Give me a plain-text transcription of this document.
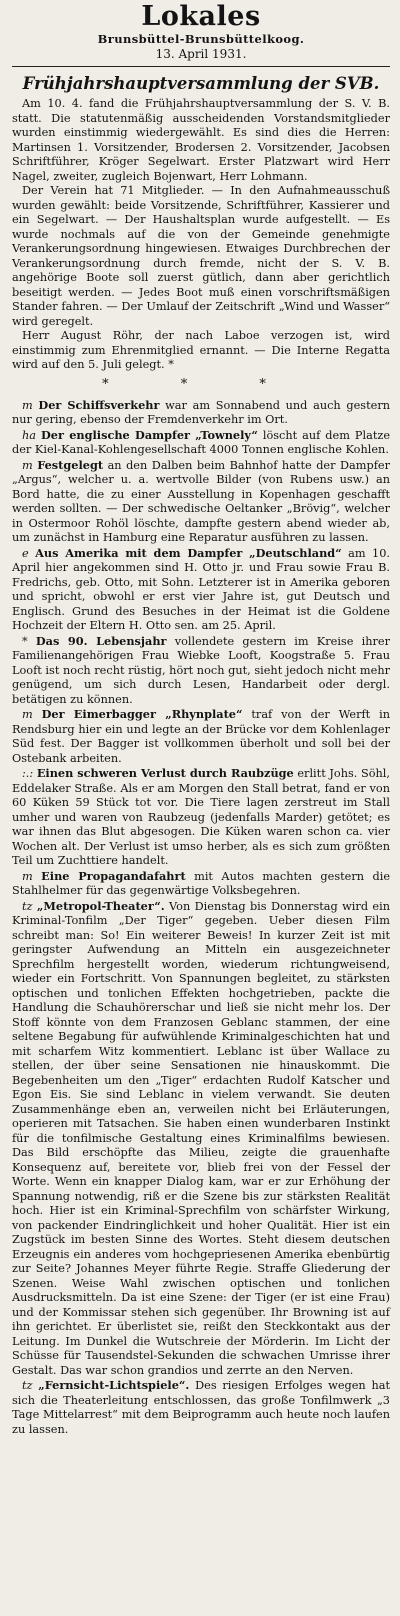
Lokales
Brunsbüttel-Brunsbüttelkoog.
13. April 1931.
Frühjahrshauptversammlung der SVB.

Am 10. 4. fand die Frühjahrshauptversammlung der S. V. B. statt. Die statutenmäßig ausscheidenden Vorstandsmitglieder wurden einstimmig wiedergewählt. Es sind dies die Herren: Martinsen 1. Vorsitzender, Brodersen 2. Vorsitzender, Jacobsen Schriftführer, Kröger Segelwart. Erster Platzwart wird Herr Nagel, zweiter, zugleich Bojenwart, Herr Lohmann.

Der Verein hat 71 Mitglieder. — In den Aufnahmeausschuß wurden gewählt: beide Vorsitzende, Schriftführer, Kassierer und ein Segelwart. — Der Haushaltsplan wurde aufgestellt. — Es wurde nochmals auf die von der Gemeinde genehmigte Verankerungsordnung hingewiesen. Etwaiges Durchbrechen der Verankerungsordnung durch fremde, nicht der S. V. B. angehörige Boote soll zuerst gütlich, dann aber gerichtlich beseitigt werden. — Jedes Boot muß einen vorschriftsmäßigen Stander fahren. — Der Umlauf der Zeitschrift „Wind und Wasser“ wird geregelt.

Herr August Röhr, der nach Laboe verzogen ist, wird einstimmig zum Ehrenmitglied ernannt. — Die Interne Regatta wird auf den 5. Juli gelegt. *

* * *

m Der Schiffsverkehr war am Sonnabend und auch gestern nur gering, ebenso der Fremdenverkehr im Ort.

ha Der englische Dampfer „Townely“ löscht auf dem Platze der Kiel-Kanal-Kohlengesellschaft 4000 Tonnen englische Kohlen.

m Festgelegt an den Dalben beim Bahnhof hatte der Dampfer „Argus“, welcher u. a. wertvolle Bilder (von Rubens usw.) an Bord hatte, die zu einer Ausstellung in Kopenhagen geschafft werden sollten. — Der schwedische Oeltanker „Brövig“, welcher in Ostermoor Rohöl löschte, dampfte gestern abend wieder ab, um zunächst in Hamburg eine Reparatur ausführen zu lassen.

e Aus Amerika mit dem Dampfer „Deutschland“ am 10. April hier angekommen sind H. Otto jr. und Frau sowie Frau B. Fredrichs, geb. Otto, mit Sohn. Letzterer ist in Amerika geboren und spricht, obwohl er erst vier Jahre ist, gut Deutsch und Englisch. Grund des Besuches in der Heimat ist die Goldene Hochzeit der Eltern H. Otto sen. am 25. April.

* Das 90. Lebensjahr vollendete gestern im Kreise ihrer Familienangehörigen Frau Wiebke Looft, Koogstraße 5. Frau Looft ist noch recht rüstig, hört noch gut, sieht jedoch nicht mehr genügend, um sich durch Lesen, Handarbeit oder dergl. betätigen zu können.

m Der Eimerbagger „Rhynplate“ traf von der Werft in Rendsburg hier ein und legte an der Brücke vor dem Kohlenlager Süd fest. Der Bagger ist vollkommen überholt und soll bei der Ostebank arbeiten.

:.: Einen schweren Verlust durch Raubzüge erlitt Johs. Söhl, Eddelaker Straße. Als er am Morgen den Stall betrat, fand er von 60 Küken 59 Stück tot vor. Die Tiere lagen zerstreut im Stall umher und waren von Raubzeug (jedenfalls Marder) getötet; es war ihnen das Blut abgesogen. Die Küken waren schon ca. vier Wochen alt. Der Verlust ist umso herber, als es sich zum größten Teil um Zuchttiere handelt.

m Eine Propagandafahrt mit Autos machten gestern die Stahlhelmer für das gegenwärtige Volksbegehren.

tz „Metropol-Theater“. Von Dienstag bis Donnerstag wird ein Kriminal-Tonfilm „Der Tiger“ gegeben. Ueber diesen Film schreibt man: So! Ein weiterer Beweis! In kurzer Zeit ist mit geringster Aufwendung an Mitteln ein ausgezeichneter Sprechfilm hergestellt worden, wiederum richtungweisend, wieder ein Fortschritt. Von Spannungen begleitet, zu stärksten optischen und tonlichen Effekten hochgetrieben, packte die Handlung die Schauhörerschar und ließ sie nicht mehr los. Der Stoff könnte von dem Franzosen Geblanc stammen, der eine seltene Begabung für aufwühlende Kriminalgeschichten hat und mit scharfem Witz kommentiert. Leblanc ist über Wallace zu stellen, der über seine Sensationen nie hinauskommt. Die Begebenheiten um den „Tiger“ erdachten Rudolf Katscher und Egon Eis. Sie sind Leblanc in vielem verwandt. Sie deuten Zusammenhänge eben an, verweilen nicht bei Erläuterungen, operieren mit Tatsachen. Sie haben einen wunderbaren Instinkt für die tonfilmische Gestaltung eines Kriminalfilms bewiesen. Das Bild erschöpfte das Milieu, zeigte die grauenhafte Konsequenz auf, bereitete vor, blieb frei von der Fessel der Worte. Wenn ein knapper Dialog kam, war er zur Erhöhung der Spannung notwendig, riß er die Szene bis zur stärksten Realität hoch. Hier ist ein Kriminal-Sprechfilm von schärfster Wirkung, von packender Eindringlichkeit und hoher Qualität. Hier ist ein Zugstück im besten Sinne des Wortes. Steht diesem deutschen Erzeugnis ein anderes vom hochgepriesenen Amerika ebenbürtig zur Seite? Johannes Meyer führte Regie. Straffe Gliederung der Szenen. Weise Wahl zwischen optischen und tonlichen Ausdrucksmitteln. Da ist eine Szene: der Tiger (er ist eine Frau) und der Kommissar stehen sich gegenüber. Ihr Browning ist auf ihn gerichtet. Er überlistet sie, reißt den Steckkontakt aus der Leitung. Im Dunkel die Wutschreie der Mörderin. Im Licht der Schüsse für Tausendstel-Sekunden die schwachen Umrisse ihrer Gestalt. Das war schon grandios und zerrte an den Nerven.

tz „Fernsicht-Lichtspiele“. Des riesigen Erfolges wegen hat sich die Theaterleitung entschlossen, das große Tonfilmwerk „3 Tage Mittelarrest“ mit dem Beiprogramm auch heute noch laufen zu lassen.
